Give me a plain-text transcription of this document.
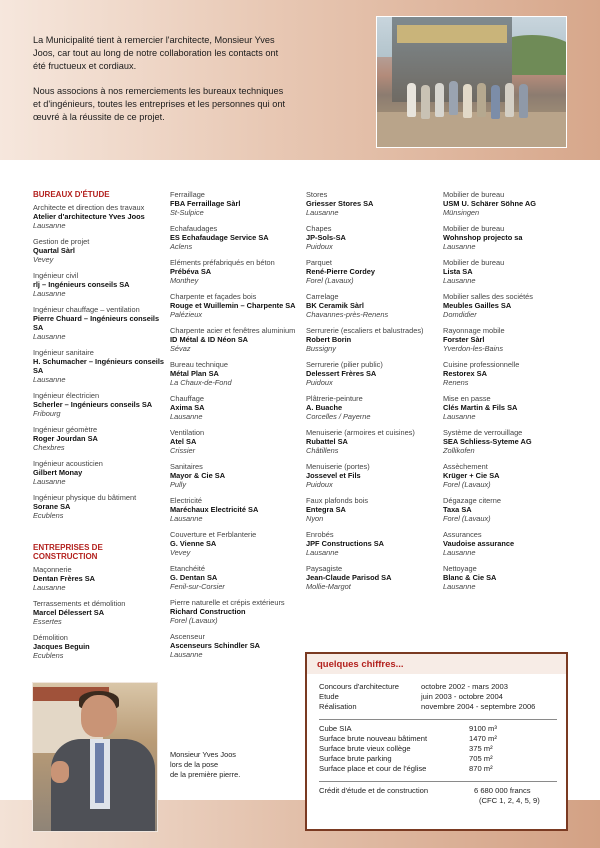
La Municipalité tient à remercier l'architecte, Monsieur Yves Joos, car tout au long de notre collaboration les contacts ont été fructueux et cordiaux.

Nous associons à nos remerciements les bureaux techniques et d'ingénieurs, toutes les entreprises et les personnes qui ont œuvré à la réussite de ce projet.

BUREAUX D'ÉTUDE
Architecte et direction des travaux
Atelier d'architecture Yves Joos
Lausanne
Gestion de projet
Quartal Sàrl
Vevey
Ingénieur civil
rlj – Ingénieurs conseils SA
Lausanne
Ingénieur chauffage – ventilation
Pierre Chuard – Ingénieurs conseils SA
Lausanne
Ingénieur sanitaire
H. Schumacher – Ingénieurs conseils SA
Lausanne
Ingénieur électricien
Scherler – Ingénieurs conseils SA
Fribourg
Ingénieur géomètre
Roger Jourdan SA
Chexbres
Ingénieur acousticien
Gilbert Monay
Lausanne
Ingénieur physique du bâtiment
Sorane SA
Ecublens
ENTREPRISES DE CONSTRUCTION
Maçonnerie
Dentan Frères SA
Lausanne
Terrassements et démolition
Marcel Délessert SA
Essertes
Démolition
Jacques Beguin
Ecublens
Ferraillage
FBA Ferraillage Sàrl
St-Sulpice
Echafaudages
ES Echafaudage Service SA
Aclens
Eléments préfabriqués en béton
Prébéva SA
Monthey
Charpente et façades bois
Rouge et Wuillemin – Charpente SA
Palézieux
Charpente acier et fenêtres aluminium
ID Métal & ID Néon SA
Sévaz
Bureau technique
Métal Plan SA
La Chaux-de-Fond
Chauffage
Axima SA
Lausanne
Ventilation
Atel SA
Crissier
Sanitaires
Mayor & Cie SA
Pully
Electricité
Maréchaux Electricité SA
Lausanne
Couverture et Ferblanterie
G. Vienne SA
Vevey
Etanchéité
G. Dentan SA
Fenil-sur-Corsier
Pierre naturelle et crépis extérieurs
Richard Construction
Forel (Lavaux)
Ascenseur
Ascenseurs Schindler SA
Lausanne
Stores
Griesser Stores SA
Lausanne
Chapes
JP-Sols-SA
Puidoux
Parquet
René-Pierre Cordey
Forel (Lavaux)
Carrelage
BK Ceramik Sàrl
Chavannes-près-Renens
Serrurerie (escaliers et balustrades)
Robert Borin
Bussigny
Serrurerie (pilier public)
Delessert Frères SA
Puidoux
Plâtrerie-peinture
A. Buache
Corcelles / Payerne
Menuiserie (armoires et cuisines)
Rubattel SA
Châtillens
Menuiserie (portes)
Jossevel et Fils
Puidoux
Faux plafonds bois
Entegra SA
Nyon
Enrobés
JPF Constructions SA
Lausanne
Paysagiste
Jean-Claude Parisod SA
Mollie-Margot
Mobilier de bureau
USM U. Schärer Söhne AG
Münsingen
Mobilier de bureau
Wohnshop projecto sa
Lausanne
Mobilier de bureau
Lista SA
Lausanne
Mobilier salles des sociétés
Meubles Gailles SA
Domdidier
Rayonnage mobile
Forster Sàrl
Yverdon-les-Bains
Cuisine professionnelle
Restorex SA
Renens
Mise en passe
Clés Martin & Fils SA
Lausanne
Système de verrouillage
SEA Schliess-Syteme AG
Zollikofen
Assèchement
Krüger + Cie SA
Forel (Lavaux)
Dégazage citerne
Taxa SA
Forel (Lavaux)
Assurances
Vaudoise assurance
Lausanne
Nettoyage
Blanc & Cie SA
Lausanne
Monsieur Yves Joos
lors de la pose
de la première pierre.
quelques chiffres...
Concours d'architecture	octobre 2002 - mars 2003
Etude	juin 2003 - octobre 2004
Réalisation	novembre 2004 - septembre 2006
Cube SIA	9100 m³
Surface brute nouveau bâtiment	1470 m²
Surface brute vieux collège	375 m²
Surface brute parking	705 m²
Surface place et cour de l'église	870 m²
Crédit d'étude et de construction	6 680 000 francs
(CFC 1, 2, 4, 5, 9)
